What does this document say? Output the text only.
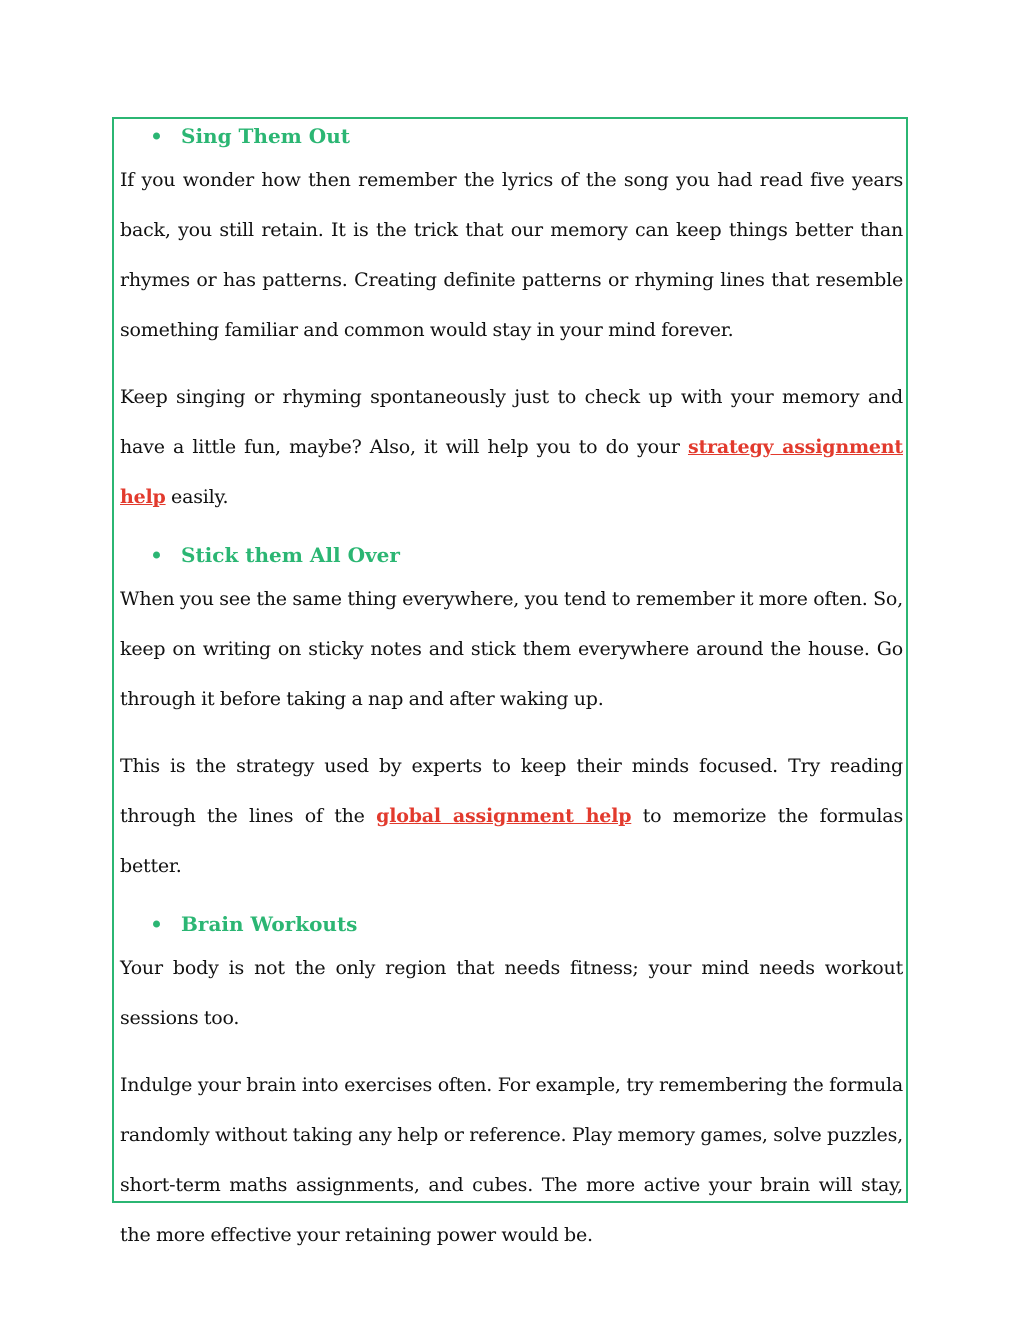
Sing Them Out

If you wonder how then remember the lyrics of the song you had read five years back, you still retain. It is the trick that our memory can keep things better than rhymes or has patterns. Creating definite patterns or rhyming lines that resemble something familiar and common would stay in your mind forever.

Keep singing or rhyming spontaneously just to check up with your memory and have a little fun, maybe? Also, it will help you to do your strategy assignment help easily.

Stick them All Over

When you see the same thing everywhere, you tend to remember it more often. So, keep on writing on sticky notes and stick them everywhere around the house. Go through it before taking a nap and after waking up.

This is the strategy used by experts to keep their minds focused. Try reading through the lines of the global assignment help to memorize the formulas better.

Brain Workouts

Your body is not the only region that needs fitness; your mind needs workout sessions too.

Indulge your brain into exercises often. For example, try remembering the formula randomly without taking any help or reference. Play memory games, solve puzzles, short-term maths assignments, and cubes. The more active your brain will stay, the more effective your retaining power would be.
